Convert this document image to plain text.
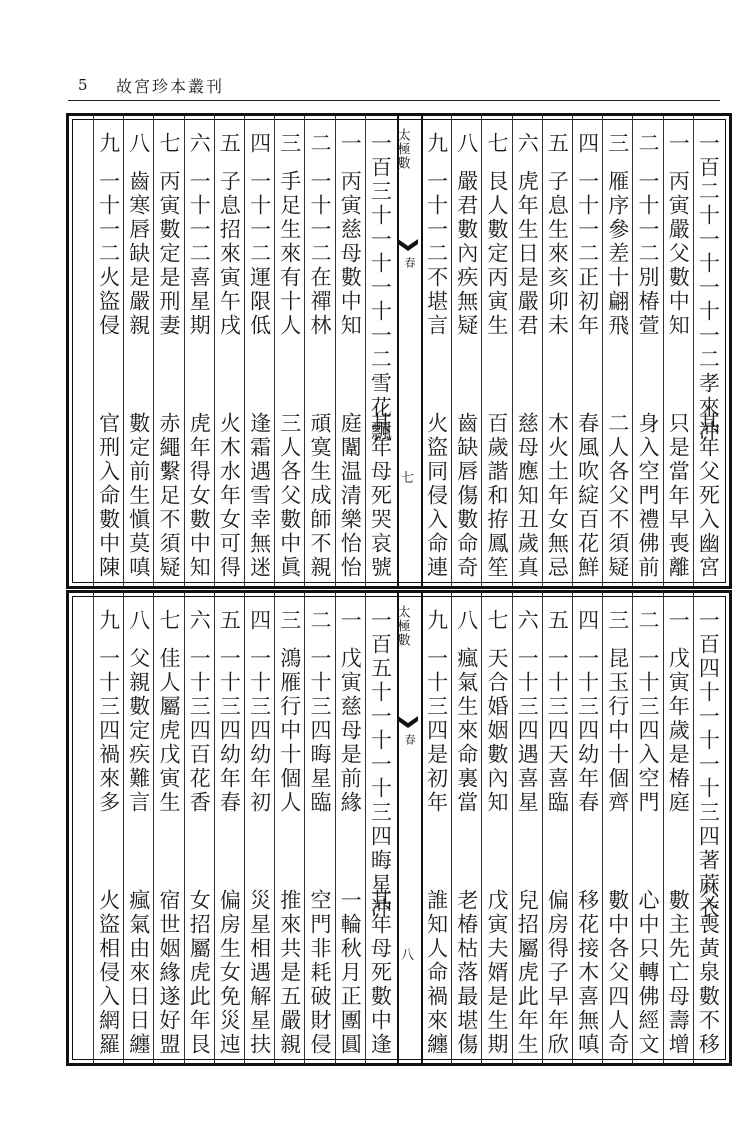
5 故宮珍本叢刊
一百二十一十一十一二孝來冲
其年父死入幽宮
一
丙寅嚴父數中知
只是當年早喪離
二
一十一二別椿萱
身入空門禮佛前
三
雁序參差十翩飛
二人各父不須疑
四
一十一二正初年
春風吹綻百花鮮
五
子息生來亥卯未
木火土年女無忌
六
虎年生日是嚴君
慈母應知丑歲真
七
艮人數定丙寅生
百歲諧和拵鳳笙
八
嚴君數內疾無疑
齒缺唇傷數命奇
九
一十一二不堪言
火盜同侵入命連
太極數
春
七
一百三十一十一十一二雪花飄
其年母死哭哀號
一
丙寅慈母數中知
庭闈温清樂怡怡
二
一十一二在禪林
頑寞生成師不親
三
手足生來有十人
三人各父數中眞
四
一十一二運限低
逢霜遇雪幸無迷
五
子息招來寅午戌
火木水年女可得
六
一十一二喜星期
虎年得女數中知
七
丙寅數定是刑妻
赤繩繫足不須疑
八
齒寒唇缺是嚴親
數定前生愼莫嗔
九
一十一二火盜侵
官刑入命數中陳
一百四十一十一十三四著蔴衣
父喪黃泉數不移
一
戊寅年歲是椿庭
數主先亡母壽增
二
一十三四入空門
心中只轉佛經文
三
昆玉行中十個齊
數中各父四人奇
四
一十三四幼年春
移花接木喜無嗔
五
一十三四天喜臨
偏房得子早年欣
六
一十三四遇喜星
兒招屬虎此年生
七
天合婚姻數內知
戊寅夫婿是生期
八
瘋氣生來命裏當
老椿枯落最堪傷
九
一十三四是初年
誰知人命禍來纏
太極數
春
八
一百五十一十一十三四晦星冲
其年母死數中逢
一
戊寅慈母是前緣
一輪秋月正團圓
二
一十三四晦星臨
空門非耗破財侵
三
鴻雁行中十個人
推來共是五嚴親
四
一十三四幼年初
災星相遇解星扶
五
一十三四幼年春
偏房生女免災迍
六
一十三四百花香
女招屬虎此年艮
七
佳人屬虎戊寅生
宿世姻緣遂好盟
八
父親數定疾難言
瘋氣由來日日纏
九
一十三四禍來多
火盜相侵入網羅
